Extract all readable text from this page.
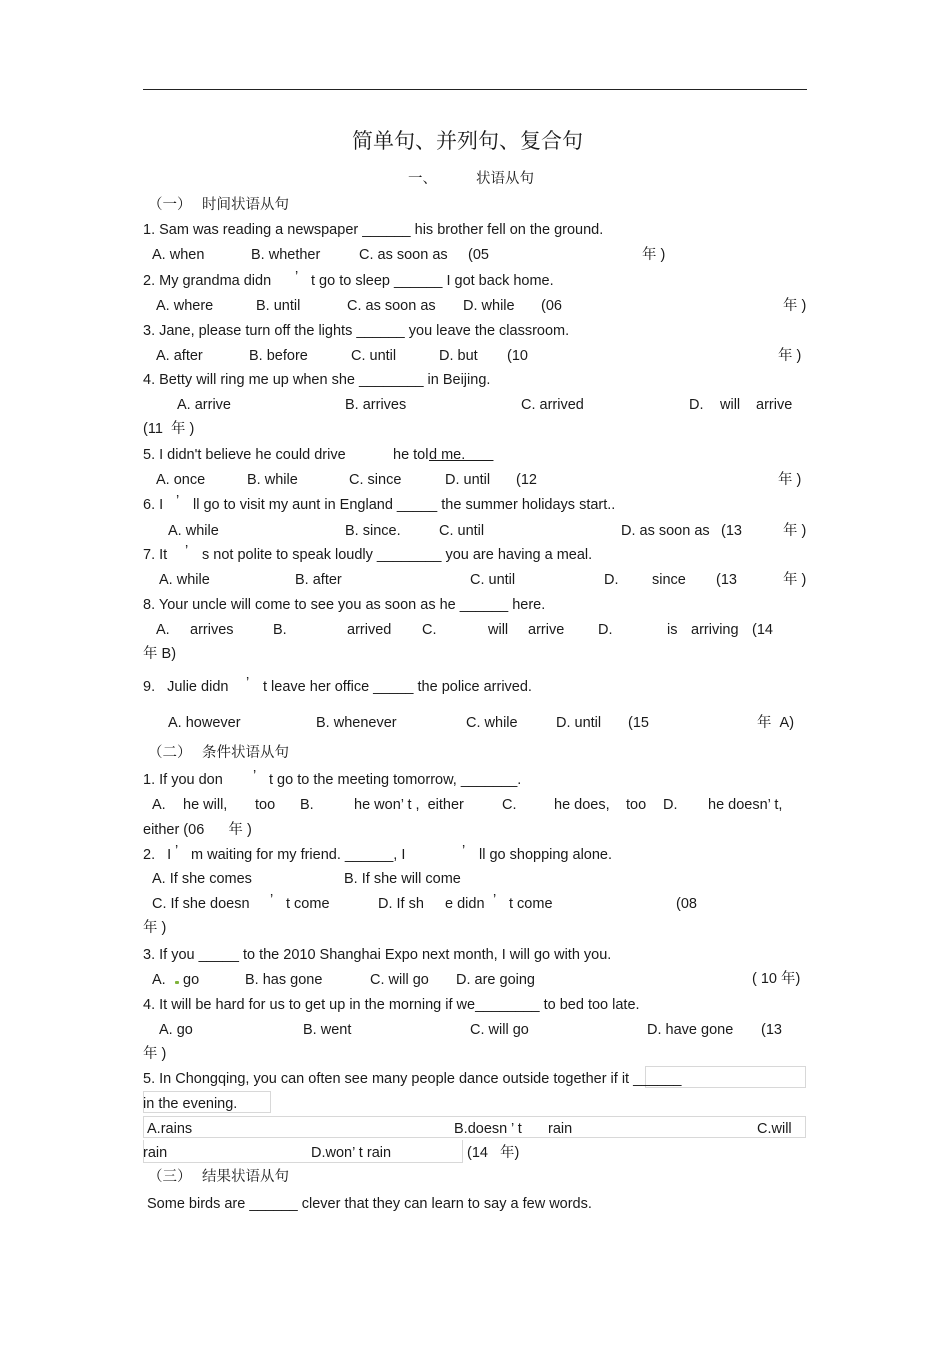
简单句、并列句、复合句
一、	状语从句
（一） 时间状语从句
1. Sam was reading a newspaper ______ his brother fell on the ground.
A. when	B. whether	C. as soon as (05	年 )
2. My grandma didn ’ t go to sleep ______ I got back home.
A. where	B. until	C. as soon as D. while (06	年 )
3. Jane, please turn off the lights ______ you leave the classroom.
A. after	B. before	C. until	D. but (10	年 )
4. Betty will ring me up when she ________ in Beijing.
A. arrive	B. arrives	C. arrived	D. will arrive
(11  年 )
5. I didn't believe he could drive	he tol d me.
A. once	B. while	C. since	D. until (12	年 )
6. I ’ ll go to visit my aunt in England _____ the summer holidays start..
A. while	B. since.	C. until	D. as soon as (13	年 )
7. It ’ s not polite to speak loudly ________ you are having a meal.
A. while	B. after	C. until	D. since (13	年 )
8. Your uncle will come to see you as soon as he ______ here.
A. arrives	B.	arrived C.	will arrive D.	is arriving (14
年 B)
9.   Julie didn ’ t leave her office _____ the police arrived.
A. however	B. whenever	C. while	D. until (15	年  A)
（二） 条件状语从句
1. If you don ’ t go to the meeting tomorrow, _______.
A. he will, too B.	he won’ t ,  either	C.	he does, too D. he doesn’ t,
either (06      年 )
2.   I ’ m waiting for my friend. ______, I	’ ll go shopping alone.
A. If she comes	B. If she will come
C. If she doesn ’ t come	D. If sh e didn ’ t come	(08
年 )
3. If you _____ to the 2010 Shanghai Expo next month, I will go with you.
A. go	B. has gone	C. will go D. are going	( 10 年)
4. It will be hard for us to get up in the morning if we________ to bed too late.
A. go	B. went	C. will go	D. have gone (13
年 )
5. In Chongqing, you can often see many people dance outside together if it ______
in the evening.
A.rains	B.doesn ’ t rain	C.will
rain	D.won’ t rain	(14   年)
（三） 结果状语从句
Some birds are ______ clever that they can learn to say a few words.
